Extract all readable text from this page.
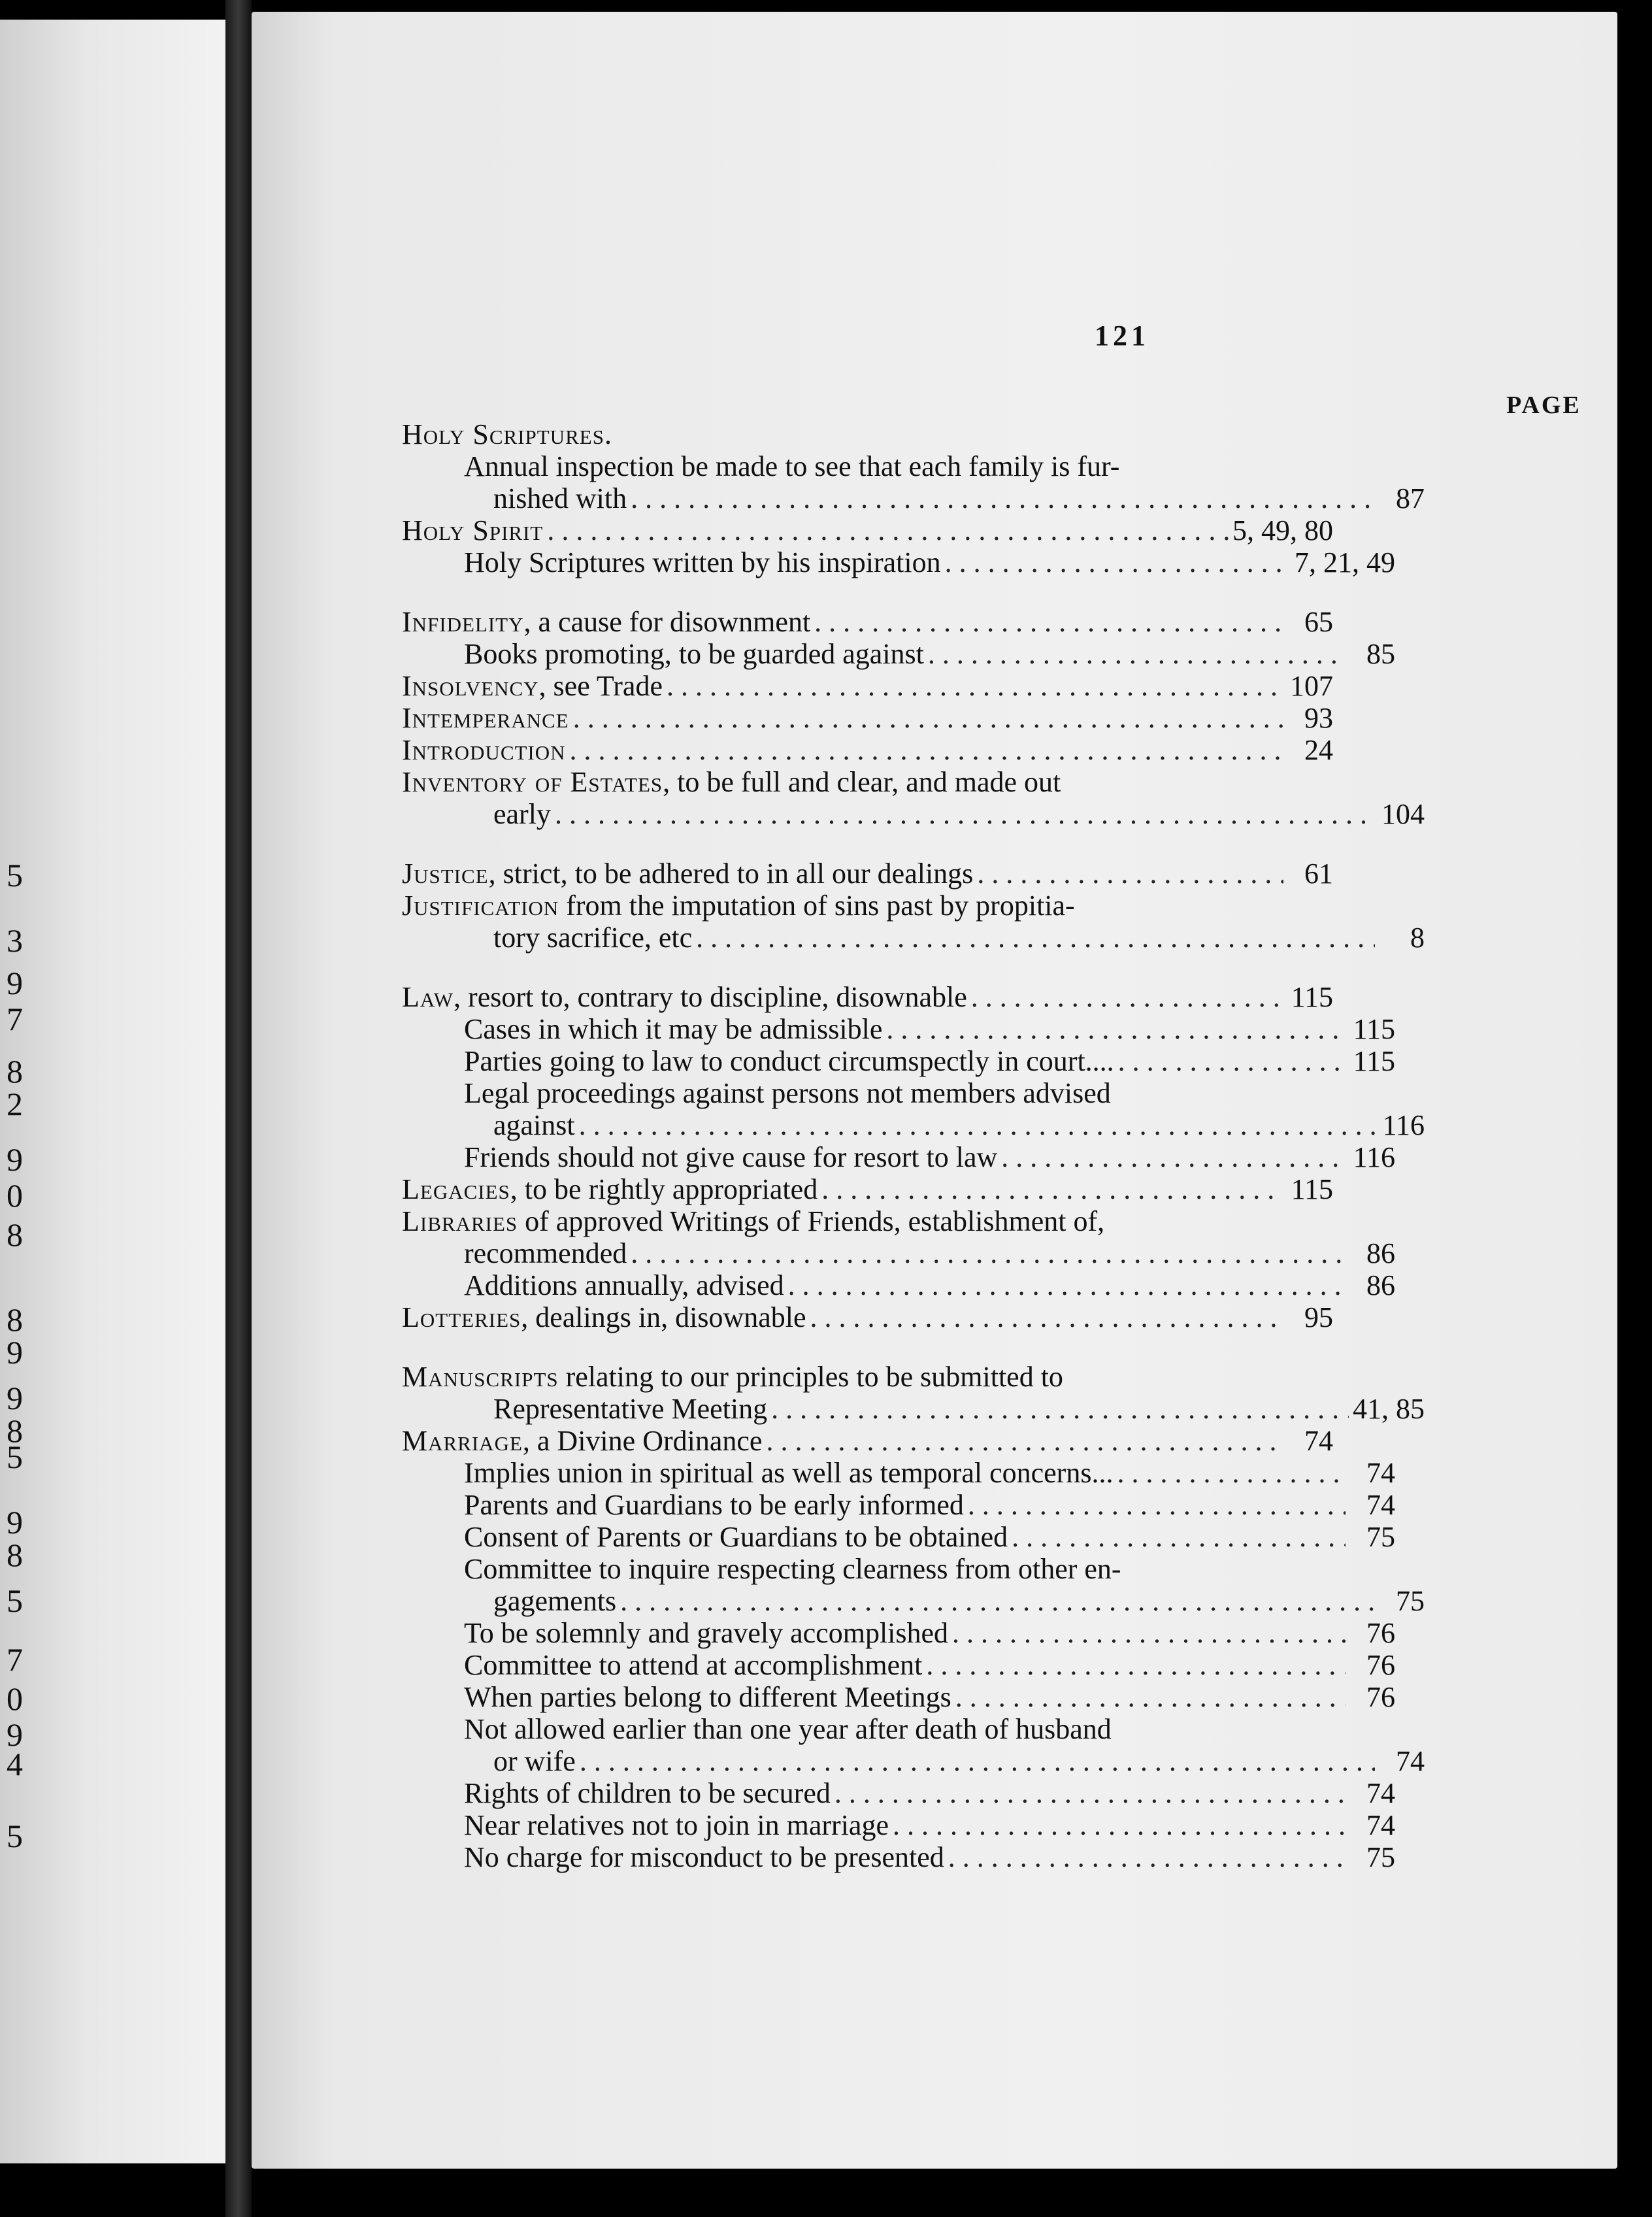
5
3
9
7
8
2
9
0
8
8
9
9
8
5
9
8
5
7
0
9
4
5
121
PAGE
Holy Scriptures.
Annual inspection be made to see that each family is fur-
nished with . . .	87
Holy Spirit . . .	5, 49, 80
Holy Scriptures written by his inspiration . . .	7, 21, 49
Infidelity, a cause for disownment . . .	65
Books promoting, to be guarded against . . .	85
Insolvency, see Trade . . .	107
Intemperance . . .	93
Introduction . . .	24
Inventory of Estates, to be full and clear, and made out
early . . .	104
Justice, strict, to be adhered to in all our dealings . . .	61
Justification from the imputation of sins past by propitia-
tory sacrifice, etc . . .	8
Law, resort to, contrary to discipline, disownable . . .	115
Cases in which it may be admissible . . .	115
Parties going to law to conduct circumspectly in court.... . . .	115
Legal proceedings against persons not members advised
against . . .	116
Friends should not give cause for resort to law . . .	116
Legacies, to be rightly appropriated . . .	115
Libraries of approved Writings of Friends, establishment of,
recommended . . .	86
Additions annually, advised . . .	86
Lotteries, dealings in, disownable . . .	95
Manuscripts relating to our principles to be submitted to
Representative Meeting . . .	41, 85
Marriage, a Divine Ordinance . . .	74
Implies union in spiritual as well as temporal concerns... . . .	74
Parents and Guardians to be early informed . . .	74
Consent of Parents or Guardians to be obtained . . .	75
Committee to inquire respecting clearness from other en-
gagements . . .	75
To be solemnly and gravely accomplished . . .	76
Committee to attend at accomplishment . . .	76
When parties belong to different Meetings . . .	76
Not allowed earlier than one year after death of husband
or wife . . .	74
Rights of children to be secured . . .	74
Near relatives not to join in marriage . . .	74
No charge for misconduct to be presented . . .	75
